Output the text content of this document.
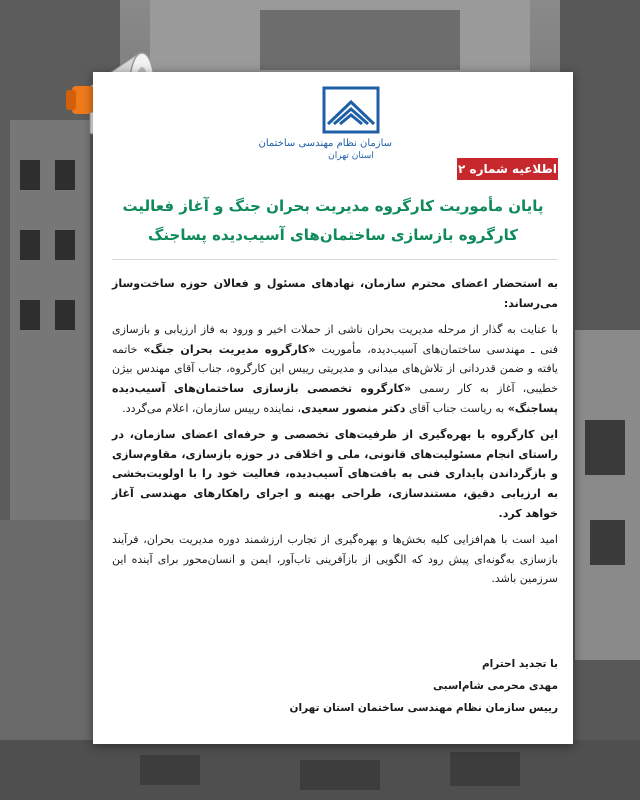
سازمان نظام مهندسی ساختمان
استان تهران
اطلاعیه شماره ۲
پایان مأموریت کارگروه مدیریت بحران جنگ و آغاز فعالیت
کارگروه بازسازی ساختمان‌های آسیب‌دیده پساجنگ

به استحضار اعضای محترم سازمان، نهادهای مسئول و فعالان حوزه ساخت‌وساز می‌رساند:

با عنایت به گذار از مرحله مدیریت بحران ناشی از حملات اخیر و ورود به فاز ارزیابی و بازسازی فنی ـ مهندسی ساختمان‌های آسیب‌دیده، مأموریت «کارگروه مدیریت بحران جنگ» خاتمه یافته و ضمن قدردانی از تلاش‌های میدانی و مدیریتی رییس این کارگروه، جناب آقای مهندس بیژن خطیبی، آغاز به کار رسمی «کارگروه تخصصی بازسازی ساختمان‌های آسیب‌دیده پساجنگ» به ریاست جناب آقای دکتر منصور سعیدی، نماینده رییس سازمان، اعلام می‌گردد.

این کارگروه با بهره‌گیری از ظرفیت‌های تخصصی و حرفه‌ای اعضای سازمان، در راستای انجام مسئولیت‌های قانونی، ملی و اخلاقی در حوزه بازسازی، مقاوم‌سازی و بازگرداندن پایداری فنی به بافت‌های آسیب‌دیده، فعالیت خود را با اولویت‌بخشی به ارزیابی دقیق، مستندسازی، طراحی بهینه و اجرای راهکارهای مهندسی آغاز خواهد کرد.

امید است با هم‌افزایی کلیه بخش‌ها و بهره‌گیری از تجارب ارزشمند دوره مدیریت بحران، فرآیند بازسازی به‌گونه‌ای پیش رود که الگویی از بازآفرینی تاب‌آور، ایمن و انسان‌محور برای آینده این سرزمین باشد.

با تجدید احترام
مهدی محرمی شام‌اسبی
رییس سازمان نظام مهندسی ساختمان استان تهران
